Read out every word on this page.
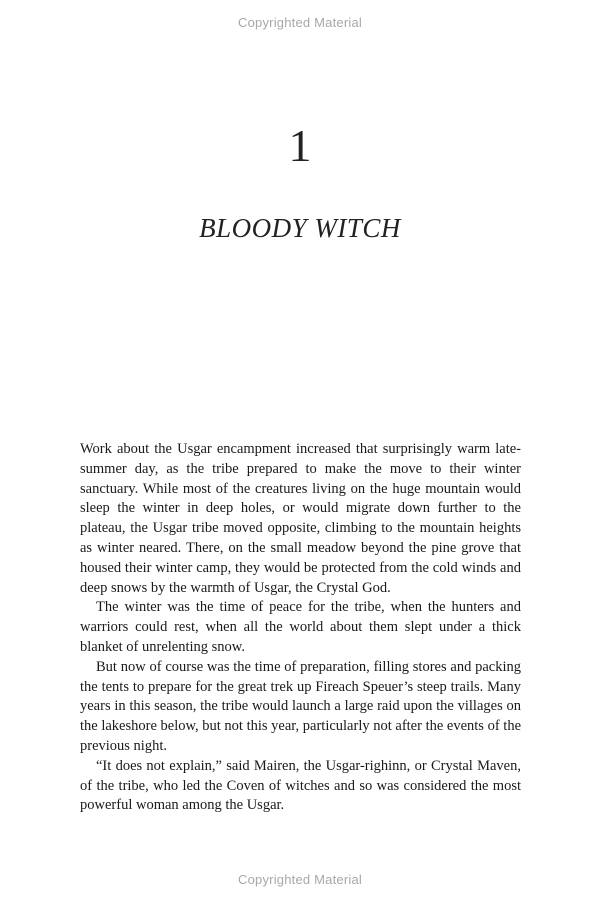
Copyrighted Material
1
BLOODY WITCH

Work about the Usgar encampment increased that surprisingly warm late-summer day, as the tribe prepared to make the move to their winter sanctuary. While most of the creatures living on the huge mountain would sleep the winter in deep holes, or would migrate down further to the plateau, the Usgar tribe moved opposite, climbing to the mountain heights as winter neared. There, on the small meadow beyond the pine grove that housed their winter camp, they would be protected from the cold winds and deep snows by the warmth of Usgar, the Crystal God.

The winter was the time of peace for the tribe, when the hunters and warriors could rest, when all the world about them slept under a thick blanket of unrelenting snow.

But now of course was the time of preparation, filling stores and packing the tents to prepare for the great trek up Fireach Speuer’s steep trails. Many years in this season, the tribe would launch a large raid upon the villages on the lakeshore below, but not this year, particularly not after the events of the previous night.

“It does not explain,” said Mairen, the Usgar-righinn, or Crystal Maven, of the tribe, who led the Coven of witches and so was considered the most powerful woman among the Usgar.

Copyrighted Material
